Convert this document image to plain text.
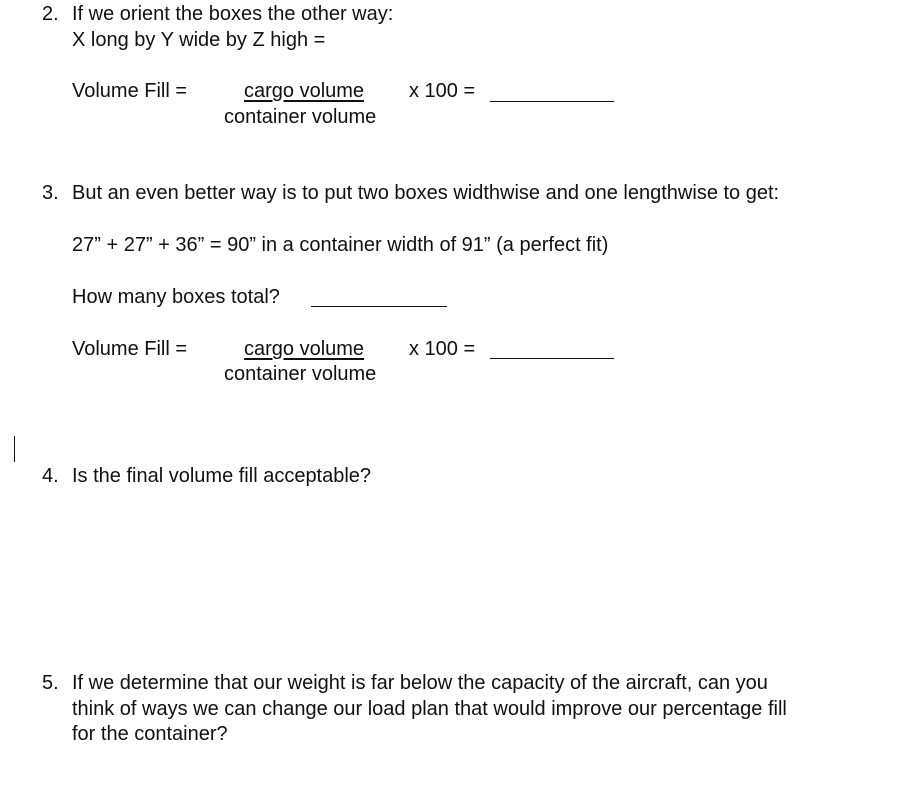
2. If we orient the boxes the other way:
X long by Y wide by Z high =
Volume Fill =	cargo volume
container volume
x 100 =
3. But an even better way is to put two boxes widthwise and one lengthwise to get:
27” + 27” + 36” = 90” in a container width of 91” (a perfect fit)
How many boxes total?
Volume Fill =	cargo volume
container volume
x 100 =
4. Is the final volume fill acceptable?
5. If we determine that our weight is far below the capacity of the aircraft, can you
think of ways we can change our load plan that would improve our percentage fill
for the container?
